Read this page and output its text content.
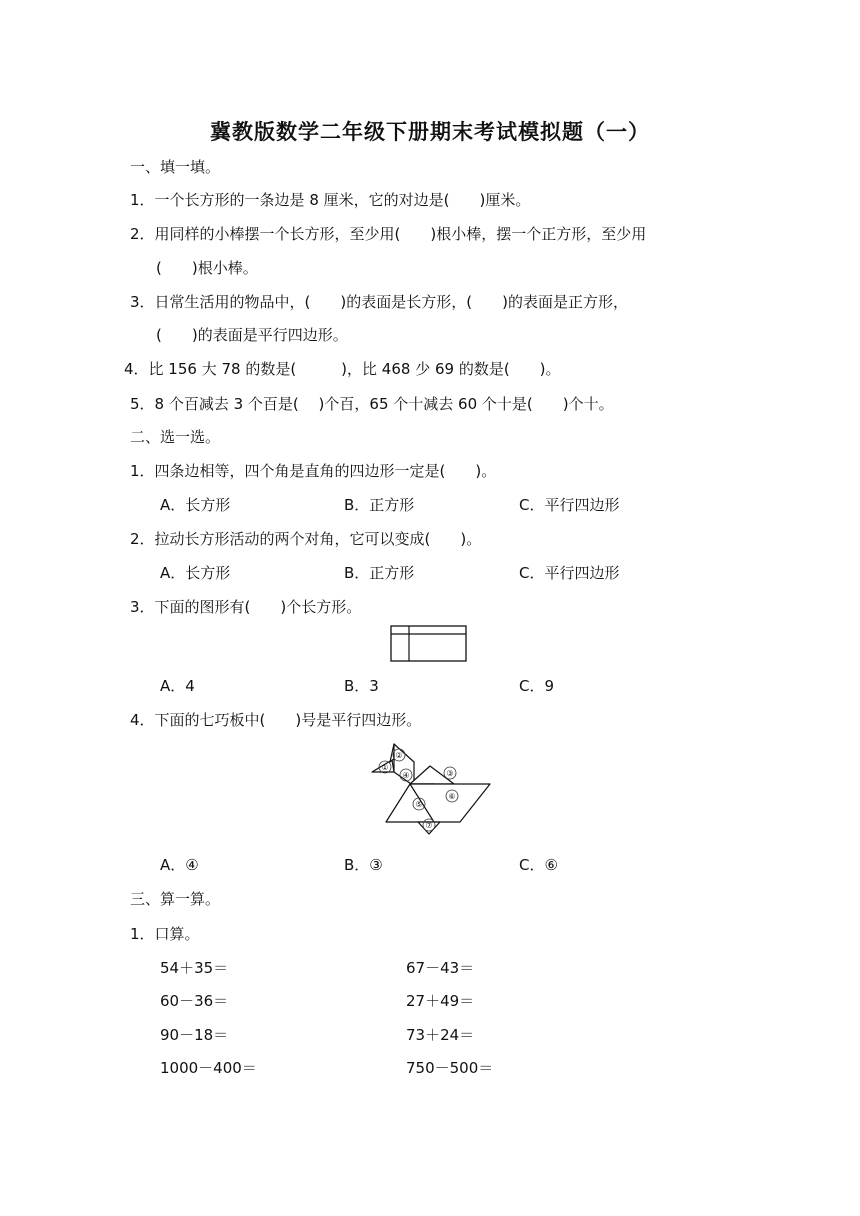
冀教版数学二年级下册期末考试模拟题（一）
一、填一填。
1．一个长方形的一条边是 8 厘米，它的对边是(　　)厘米。
2．用同样的小棒摆一个长方形，至少用(　　)根小棒，摆一个正方形，至少用
(　　)根小棒。
3．日常生活用的物品中，(　　)的表面是长方形，(　　)的表面是正方形，
(　　)的表面是平行四边形。
4．比 156 大 78 的数是(　　　)，比 468 少 69 的数是(　　)。
5．8 个百减去 3 个百是(　 )个百，65 个十减去 60 个十是(　　)个十。
二、选一选。
1．四条边相等，四个角是直角的四边形一定是(　　)。
A．长方形	B．正方形	C．平行四边形
2．拉动长方形活动的两个对角，它可以变成(　　)。
A．长方形	B．正方形	C．平行四边形
3．下面的图形有(　　)个长方形。
A．4	B．3	C．9
4．下面的七巧板中(　　)号是平行四边形。
①
②
③
④
⑤
⑥
⑦
A．④	B．③	C．⑥
三、算一算。
1．口算。
54＋35＝	67－43＝
60－36＝	27＋49＝
90－18＝	73＋24＝
1000－400＝	750－500＝
